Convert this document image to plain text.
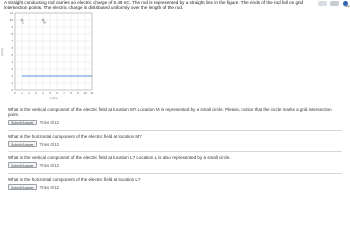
A straight conducting rod carries an electric charge of 5.49 nC. The rod is represented by a straight line in the figure. The ends of the rod fall on grid intersection points. The electric charge is distributed uniformly over the length of the rod.	Help
0 1 2 3 4 5 6 7 8 9 10 11
0
1
2
3
4
5
6
7
8
9
10
11
L	M
y (cm)
x (cm)
What is the vertical component of the electric field at location M? Location M is represented by a small circle. Please, notice that the circle marks a grid intersection point.
Submit Answer	Tries 0/12
What is the horizontal component of the electric field at location M?
Submit Answer	Tries 0/12
What is the vertical component of the electric field at location L? Location L is also represented by a small circle.
Submit Answer	Tries 0/12
What is the horizontal component of the electric field at location L?
Submit Answer	Tries 0/12
